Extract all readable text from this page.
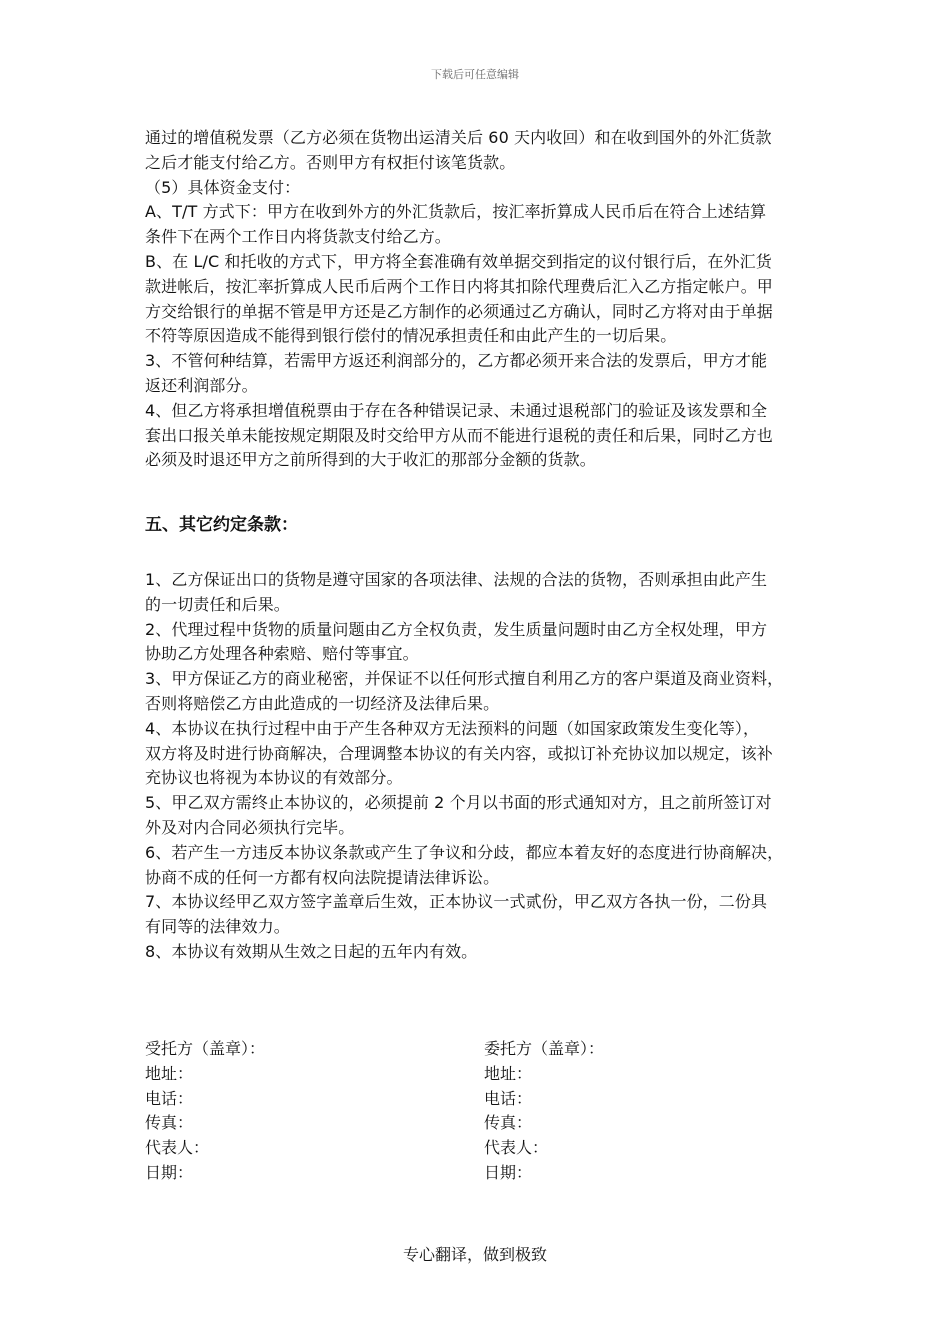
下载后可任意编辑
通过的增值税发票（乙方必须在货物出运清关后 60 天内收回）和在收到国外的外汇货款
之后才能支付给乙方。否则甲方有权拒付该笔货款。
（5）具体资金支付：
A、T/T 方式下：甲方在收到外方的外汇货款后，按汇率折算成人民币后在符合上述结算
条件下在两个工作日内将货款支付给乙方。
B、在 L/C 和托收的方式下，甲方将全套准确有效单据交到指定的议付银行后，在外汇货
款进帐后，按汇率折算成人民币后两个工作日内将其扣除代理费后汇入乙方指定帐户。甲
方交给银行的单据不管是甲方还是乙方制作的必须通过乙方确认，同时乙方将对由于单据
不符等原因造成不能得到银行偿付的情况承担责任和由此产生的一切后果。
3、不管何种结算，若需甲方返还利润部分的，乙方都必须开来合法的发票后，甲方才能
返还利润部分。
4、但乙方将承担增值税票由于存在各种错误记录、未通过退税部门的验证及该发票和全
套出口报关单未能按规定期限及时交给甲方从而不能进行退税的责任和后果，同时乙方也
必须及时退还甲方之前所得到的大于收汇的那部分金额的货款。
五、其它约定条款：
1、乙方保证出口的货物是遵守国家的各项法律、法规的合法的货物，否则承担由此产生
的一切责任和后果。
2、代理过程中货物的质量问题由乙方全权负责，发生质量问题时由乙方全权处理，甲方
协助乙方处理各种索赔、赔付等事宜。
3、甲方保证乙方的商业秘密，并保证不以任何形式擅自利用乙方的客户渠道及商业资料，
否则将赔偿乙方由此造成的一切经济及法律后果。
4、本协议在执行过程中由于产生各种双方无法预料的问题（如国家政策发生变化等），
双方将及时进行协商解决，合理调整本协议的有关内容，或拟订补充协议加以规定，该补
充协议也将视为本协议的有效部分。
5、甲乙双方需终止本协议的，必须提前 2 个月以书面的形式通知对方，且之前所签订对
外及对内合同必须执行完毕。
6、若产生一方违反本协议条款或产生了争议和分歧，都应本着友好的态度进行协商解决，
协商不成的任何一方都有权向法院提请法律诉讼。
7、本协议经甲乙双方签字盖章后生效，正本协议一式贰份，甲乙双方各执一份，二份具
有同等的法律效力。
8、本协议有效期从生效之日起的五年内有效。
受托方（盖章）：
地址：
电话：
传真：
代表人：
日期：
委托方（盖章）：
地址：
电话：
传真：
代表人：
日期：
专心翻译，做到极致
